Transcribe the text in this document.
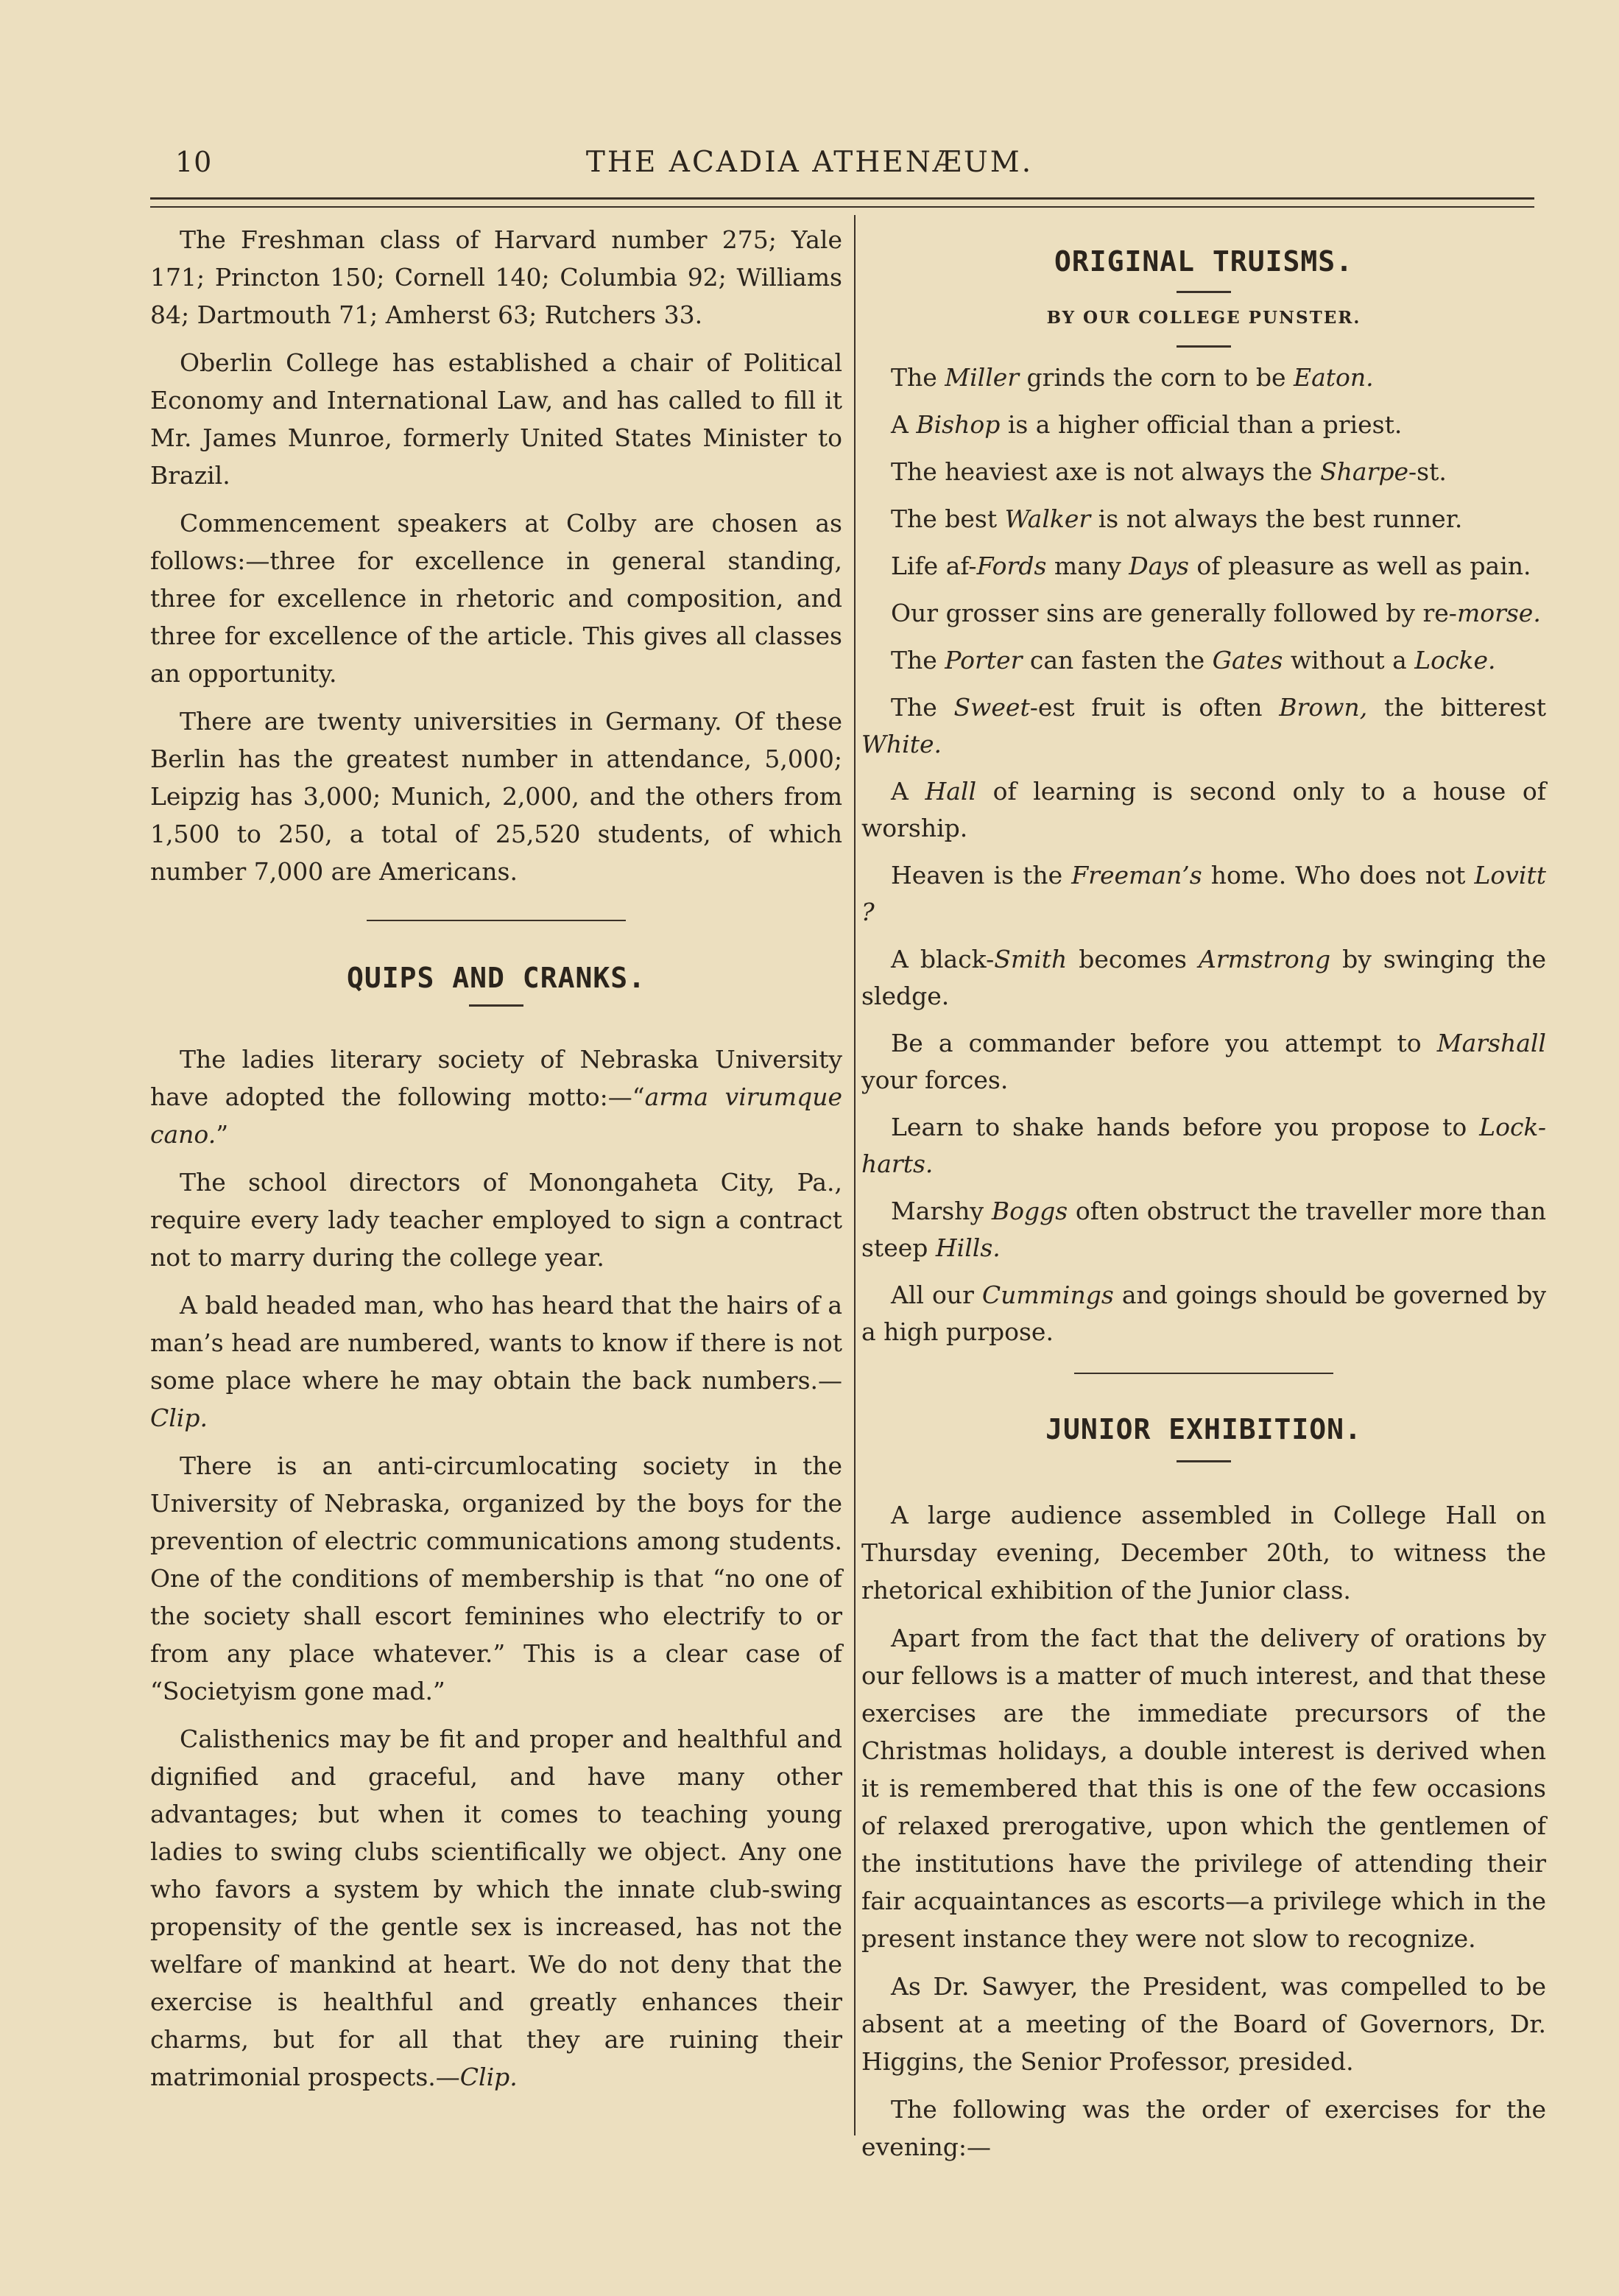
10	THE ACADIA ATHENÆUM.

The Freshman class of Harvard number 275; Yale 171; Princton 150; Cornell 140; Columbia 92; Williams 84; Dartmouth 71; Amherst 63; Rutchers 33.

Oberlin College has established a chair of Political Economy and International Law, and has called to fill it Mr. James Munroe, formerly United States Minister to Brazil.

Commencement speakers at Colby are chosen as follows:—three for excellence in general standing, three for excellence in rhetoric and composition, and three for excellence of the article. This gives all classes an opportunity.

There are twenty universities in Germany. Of these Berlin has the greatest number in attendance, 5,000; Leipzig has 3,000; Munich, 2,000, and the others from 1,500 to 250, a total of 25,520 students, of which number 7,000 are Americans.

QUIPS AND CRANKS.

The ladies literary society of Nebraska University have adopted the following motto:—“arma virumque cano.”

The school directors of Monongaheta City, Pa., require every lady teacher employed to sign a contract not to marry during the college year.

A bald headed man, who has heard that the hairs of a man’s head are numbered, wants to know if there is not some place where he may obtain the back numbers.—Clip.

There is an anti-circumlocating society in the University of Nebraska, organized by the boys for the prevention of electric communications among students. One of the conditions of membership is that “no one of the society shall escort feminines who electrify to or from any place whatever.” This is a clear case of “Societyism gone mad.”

Calisthenics may be fit and proper and healthful and dignified and graceful, and have many other advantages; but when it comes to teaching young ladies to swing clubs scientifically we object. Any one who favors a system by which the innate club-swing propensity of the gentle sex is increased, has not the welfare of mankind at heart. We do not deny that the exercise is healthful and greatly enhances their charms, but for all that they are ruining their matrimonial prospects.—Clip.

ORIGINAL TRUISMS.
BY OUR COLLEGE PUNSTER.

The Miller grinds the corn to be Eaton.

A Bishop is a higher official than a priest.

The heaviest axe is not always the Sharpe-st.

The best Walker is not always the best runner.

Life af-Fords many Days of pleasure as well as pain.

Our grosser sins are generally followed by re-morse.

The Porter can fasten the Gates without a Locke.

The Sweet-est fruit is often Brown, the bitterest White.

A Hall of learning is second only to a house of worship.

Heaven is the Freeman’s home. Who does not Lovitt ?

A black-Smith becomes Armstrong by swinging the sledge.

Be a commander before you attempt to Marshall your forces.

Learn to shake hands before you propose to Lock-harts.

Marshy Boggs often obstruct the traveller more than steep Hills.

All our Cummings and goings should be governed by a high purpose.

JUNIOR EXHIBITION.

A large audience assembled in College Hall on Thursday evening, December 20th, to witness the rhetorical exhibition of the Junior class.

Apart from the fact that the delivery of orations by our fellows is a matter of much interest, and that these exercises are the immediate precursors of the Christmas holidays, a double interest is derived when it is remembered that this is one of the few occasions of relaxed prerogative, upon which the gentlemen of the institutions have the privilege of attending their fair acquaintances as escorts—a privilege which in the present instance they were not slow to recognize.

As Dr. Sawyer, the President, was compelled to be absent at a meeting of the Board of Governors, Dr. Higgins, the Senior Professor, presided.

The following was the order of exercises for the evening:—
